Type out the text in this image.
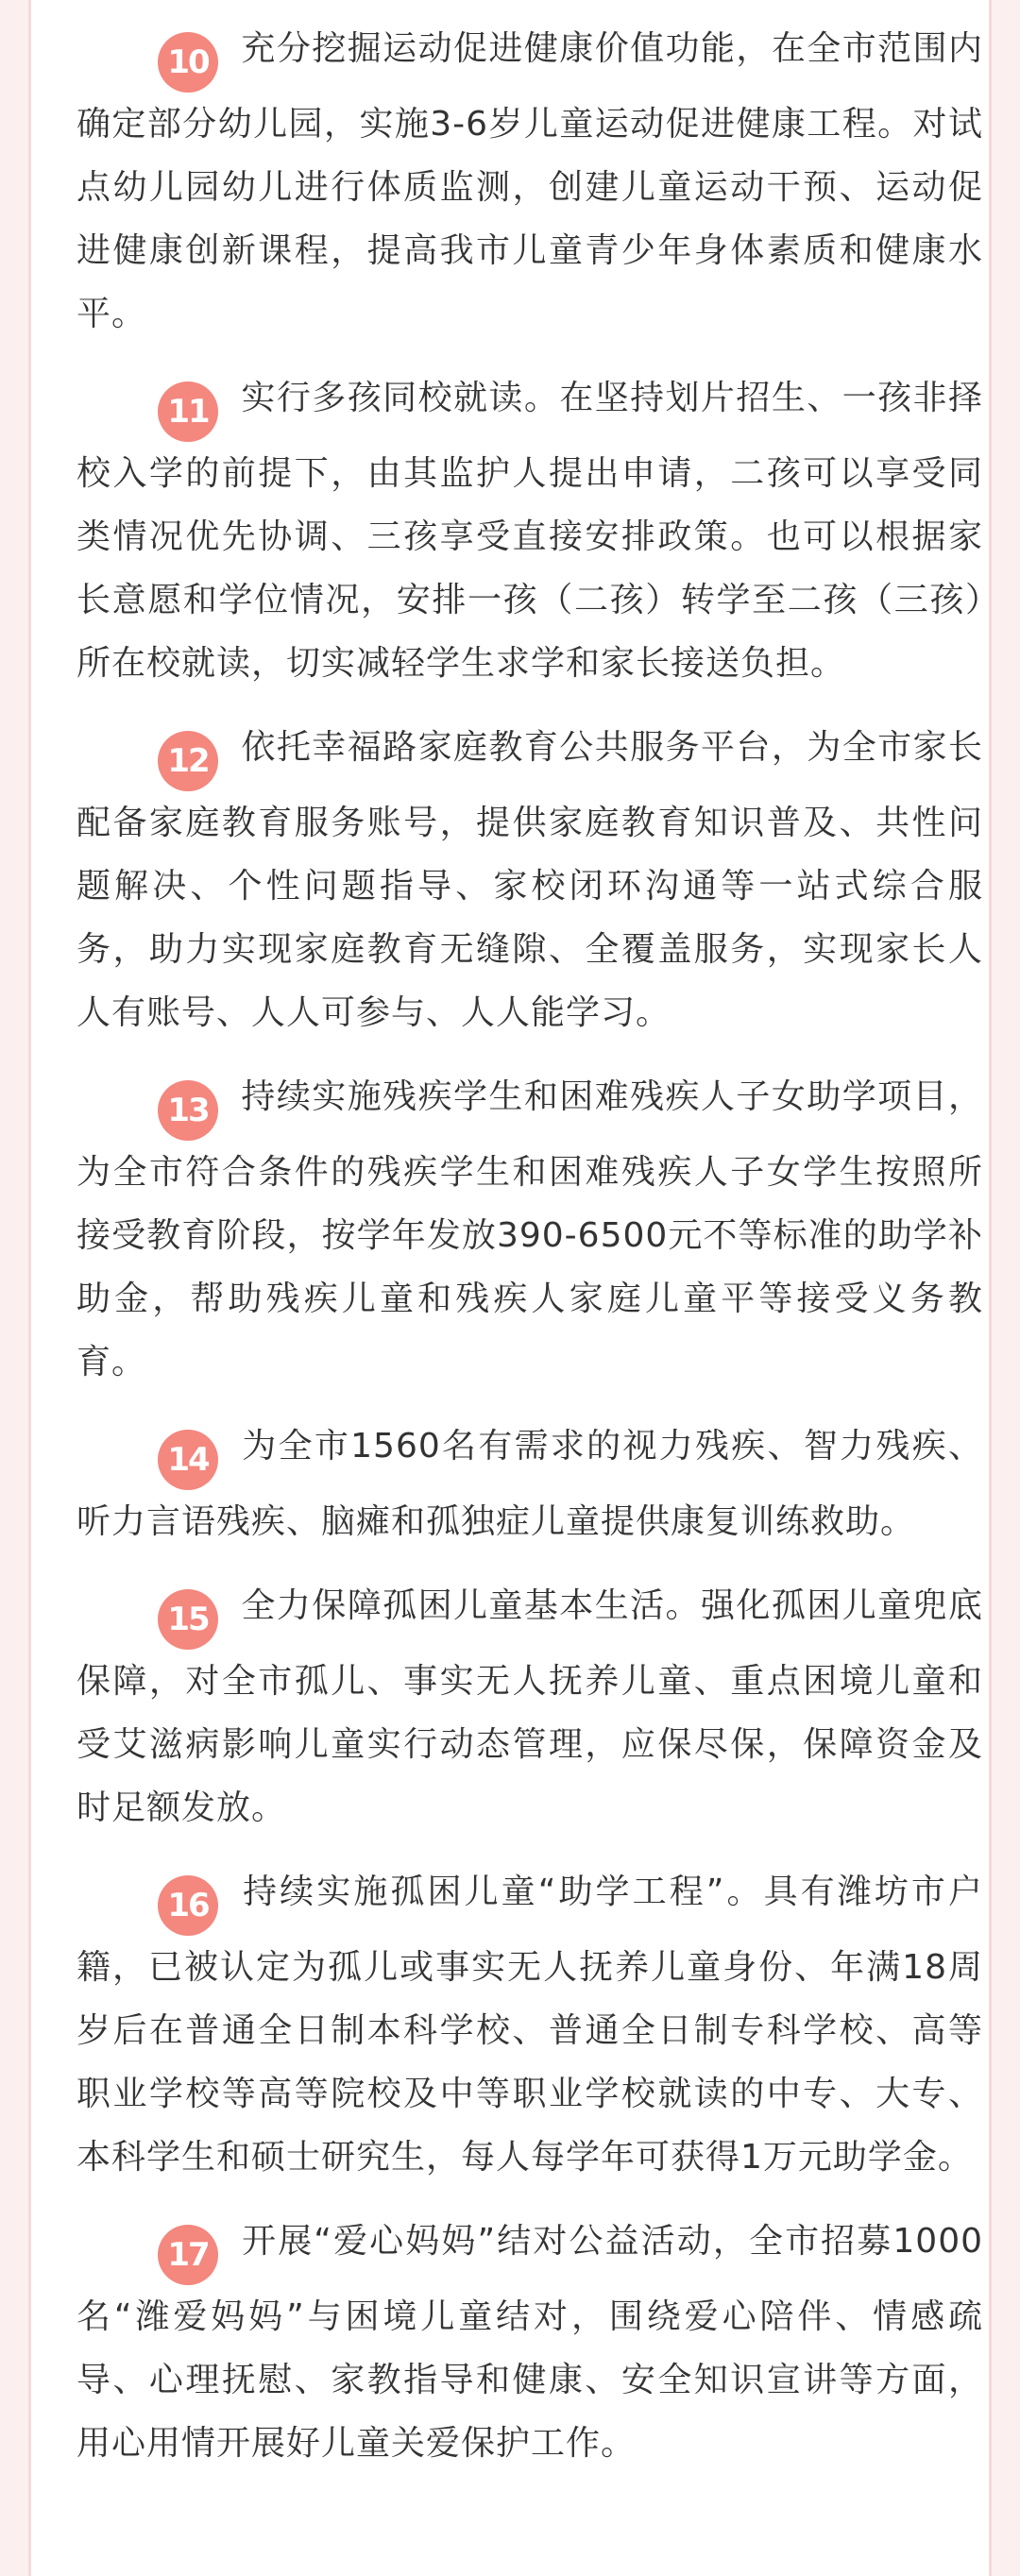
10 充分挖掘运动促进健康价值功能，在全市范围内确定部分幼儿园，实施3-6岁儿童运动促进健康工程。对试点幼儿园幼儿进行体质监测，创建儿童运动干预、运动促进健康创新课程，提高我市儿童青少年身体素质和健康水平。
11 实行多孩同校就读。在坚持划片招生、一孩非择校入学的前提下，由其监护人提出申请，二孩可以享受同类情况优先协调、三孩享受直接安排政策。也可以根据家长意愿和学位情况，安排一孩（二孩）转学至二孩（三孩）所在校就读，切实减轻学生求学和家长接送负担。
12 依托幸福路家庭教育公共服务平台，为全市家长配备家庭教育服务账号，提供家庭教育知识普及、共性问题解决、个性问题指导、家校闭环沟通等一站式综合服务，助力实现家庭教育无缝隙、全覆盖服务，实现家长人人有账号、人人可参与、人人能学习。
13 持续实施残疾学生和困难残疾人子女助学项目，为全市符合条件的残疾学生和困难残疾人子女学生按照所接受教育阶段，按学年发放390-6500元不等标准的助学补助金，帮助残疾儿童和残疾人家庭儿童平等接受义务教育。
14 为全市1560名有需求的视力残疾、智力残疾、听力言语残疾、脑瘫和孤独症儿童提供康复训练救助。
15 全力保障孤困儿童基本生活。强化孤困儿童兜底保障，对全市孤儿、事实无人抚养儿童、重点困境儿童和受艾滋病影响儿童实行动态管理，应保尽保，保障资金及时足额发放。
16 持续实施孤困儿童“助学工程”。具有潍坊市户籍，已被认定为孤儿或事实无人抚养儿童身份、年满18周岁后在普通全日制本科学校、普通全日制专科学校、高等职业学校等高等院校及中等职业学校就读的中专、大专、本科学生和硕士研究生，每人每学年可获得1万元助学金。
17 开展“爱心妈妈”结对公益活动，全市招募1000名“潍爱妈妈”与困境儿童结对，围绕爱心陪伴、情感疏导、心理抚慰、家教指导和健康、安全知识宣讲等方面，用心用情开展好儿童关爱保护工作。
